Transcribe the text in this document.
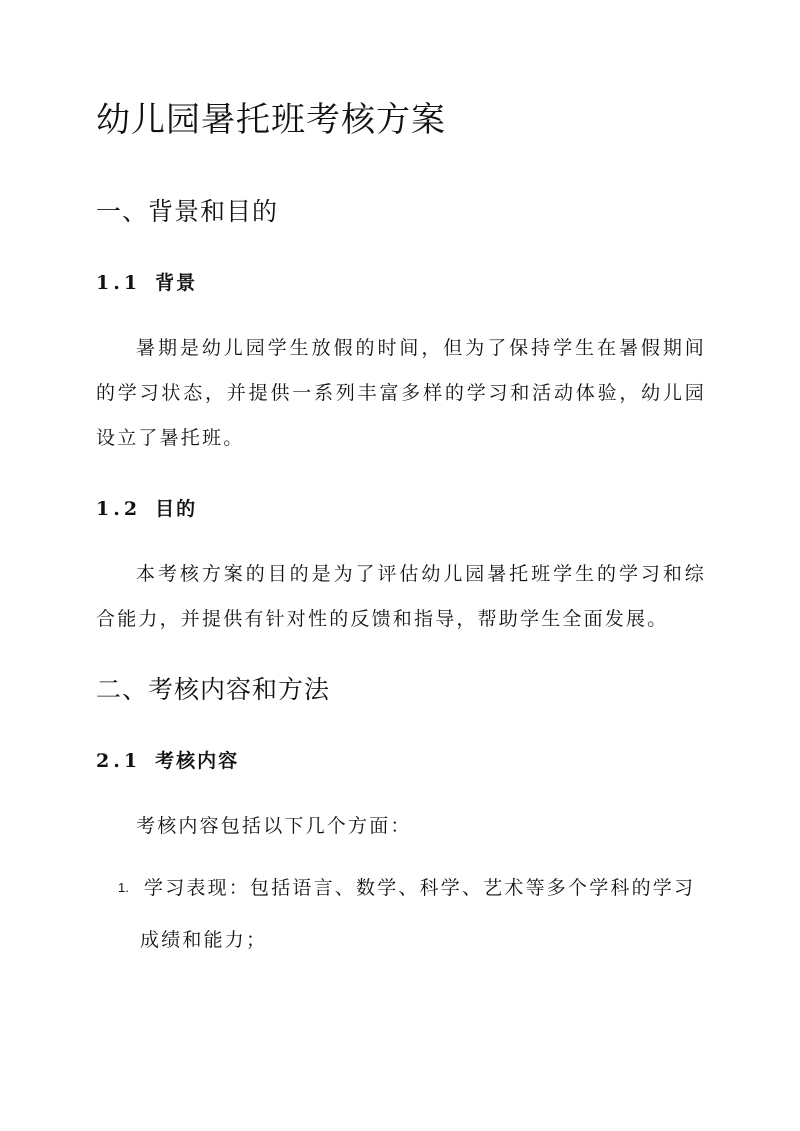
幼儿园暑托班考核方案
一、背景和目的
1.1 背景

暑期是幼儿园学生放假的时间，但为了保持学生在暑假期间的学习状态，并提供一系列丰富多样的学习和活动体验，幼儿园设立了暑托班。

1.2 目的

本考核方案的目的是为了评估幼儿园暑托班学生的学习和综合能力，并提供有针对性的反馈和指导，帮助学生全面发展。

二、考核内容和方法
2.1 考核内容

考核内容包括以下几个方面：

1. 学习表现：包括语言、数学、科学、艺术等多个学科的学习
成绩和能力；
